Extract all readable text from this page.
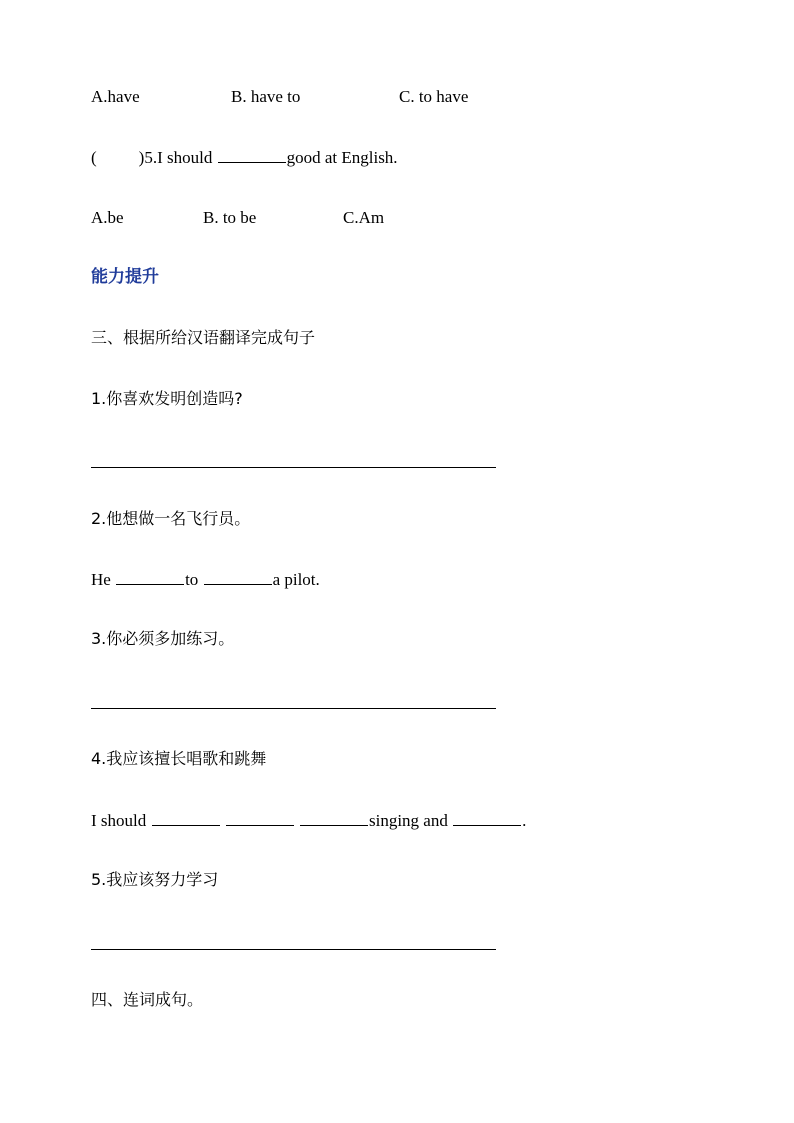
A.have	B. have to	C. to have
( )5.I should	good at English.
A.be	B. to be	C.Am
能力提升
三、根据所给汉语翻译完成句子
1.你喜欢发明创造吗?
2.他想做一名飞行员。
He	to	a pilot.
3.你必须多加练习。
4.我应该擅长唱歌和跳舞
I should	singing and	.
5.我应该努力学习
四、连词成句。
